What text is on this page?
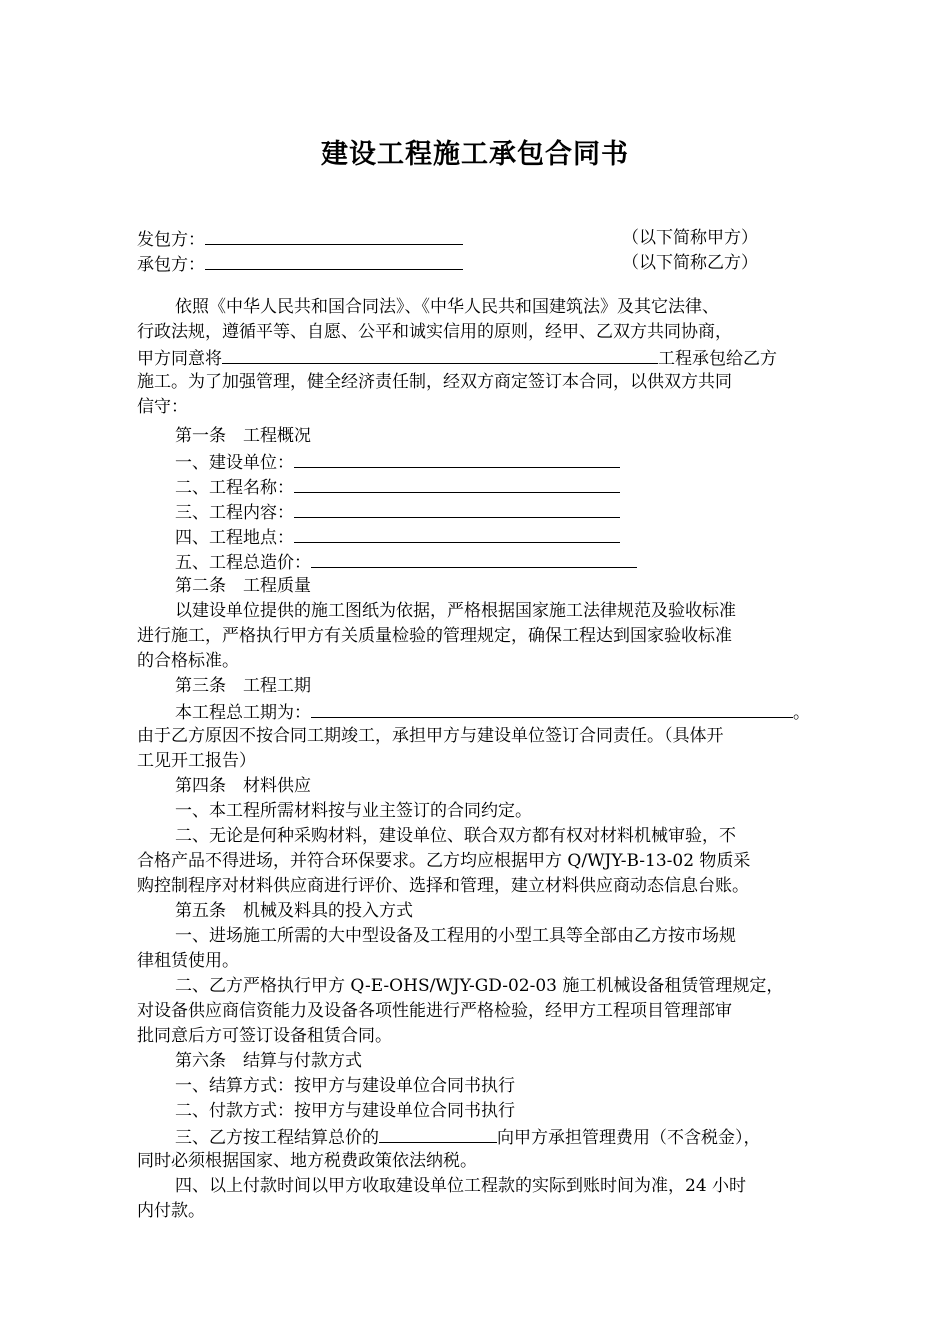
建设工程施工承包合同书
发包方：	（以下简称甲方）
承包方：	（以下简称乙方）
依照《中华人民共和国合同法》、《中华人民共和国建筑法》及其它法律、
行政法规，遵循平等、自愿、公平和诚实信用的原则，经甲、乙双方共同协商，
甲方同意将	工程承包给乙方
施工。为了加强管理，健全经济责任制，经双方商定签订本合同，以供双方共同
信守：
第一条　工程概况
一、建设单位：
二、工程名称：
三、工程内容：
四、工程地点：
五、工程总造价：
第二条　工程质量
以建设单位提供的施工图纸为依据，严格根据国家施工法律规范及验收标准
进行施工，严格执行甲方有关质量检验的管理规定，确保工程达到国家验收标准
的合格标准。
第三条　工程工期
本工程总工期为：	。
由于乙方原因不按合同工期竣工，承担甲方与建设单位签订合同责任。（具体开
工见开工报告）
第四条　材料供应
一、本工程所需材料按与业主签订的合同约定。
二、无论是何种采购材料，建设单位、联合双方都有权对材料机械审验，不
合格产品不得进场，并符合环保要求。乙方均应根据甲方 Q/WJY-B-13-02 物质采
购控制程序对材料供应商进行评价、选择和管理，建立材料供应商动态信息台账。
第五条　机械及料具的投入方式
一、进场施工所需的大中型设备及工程用的小型工具等全部由乙方按市场规
律租赁使用。
二、乙方严格执行甲方 Q-E-OHS/WJY-GD-02-03 施工机械设备租赁管理规定，
对设备供应商信资能力及设备各项性能进行严格检验，经甲方工程项目管理部审
批同意后方可签订设备租赁合同。
第六条　结算与付款方式
一、结算方式：按甲方与建设单位合同书执行
二、付款方式：按甲方与建设单位合同书执行
三、乙方按工程结算总价的	向甲方承担管理费用（不含税金），
同时必须根据国家、地方税费政策依法纳税。
四、以上付款时间以甲方收取建设单位工程款的实际到账时间为准，24 小时
内付款。
